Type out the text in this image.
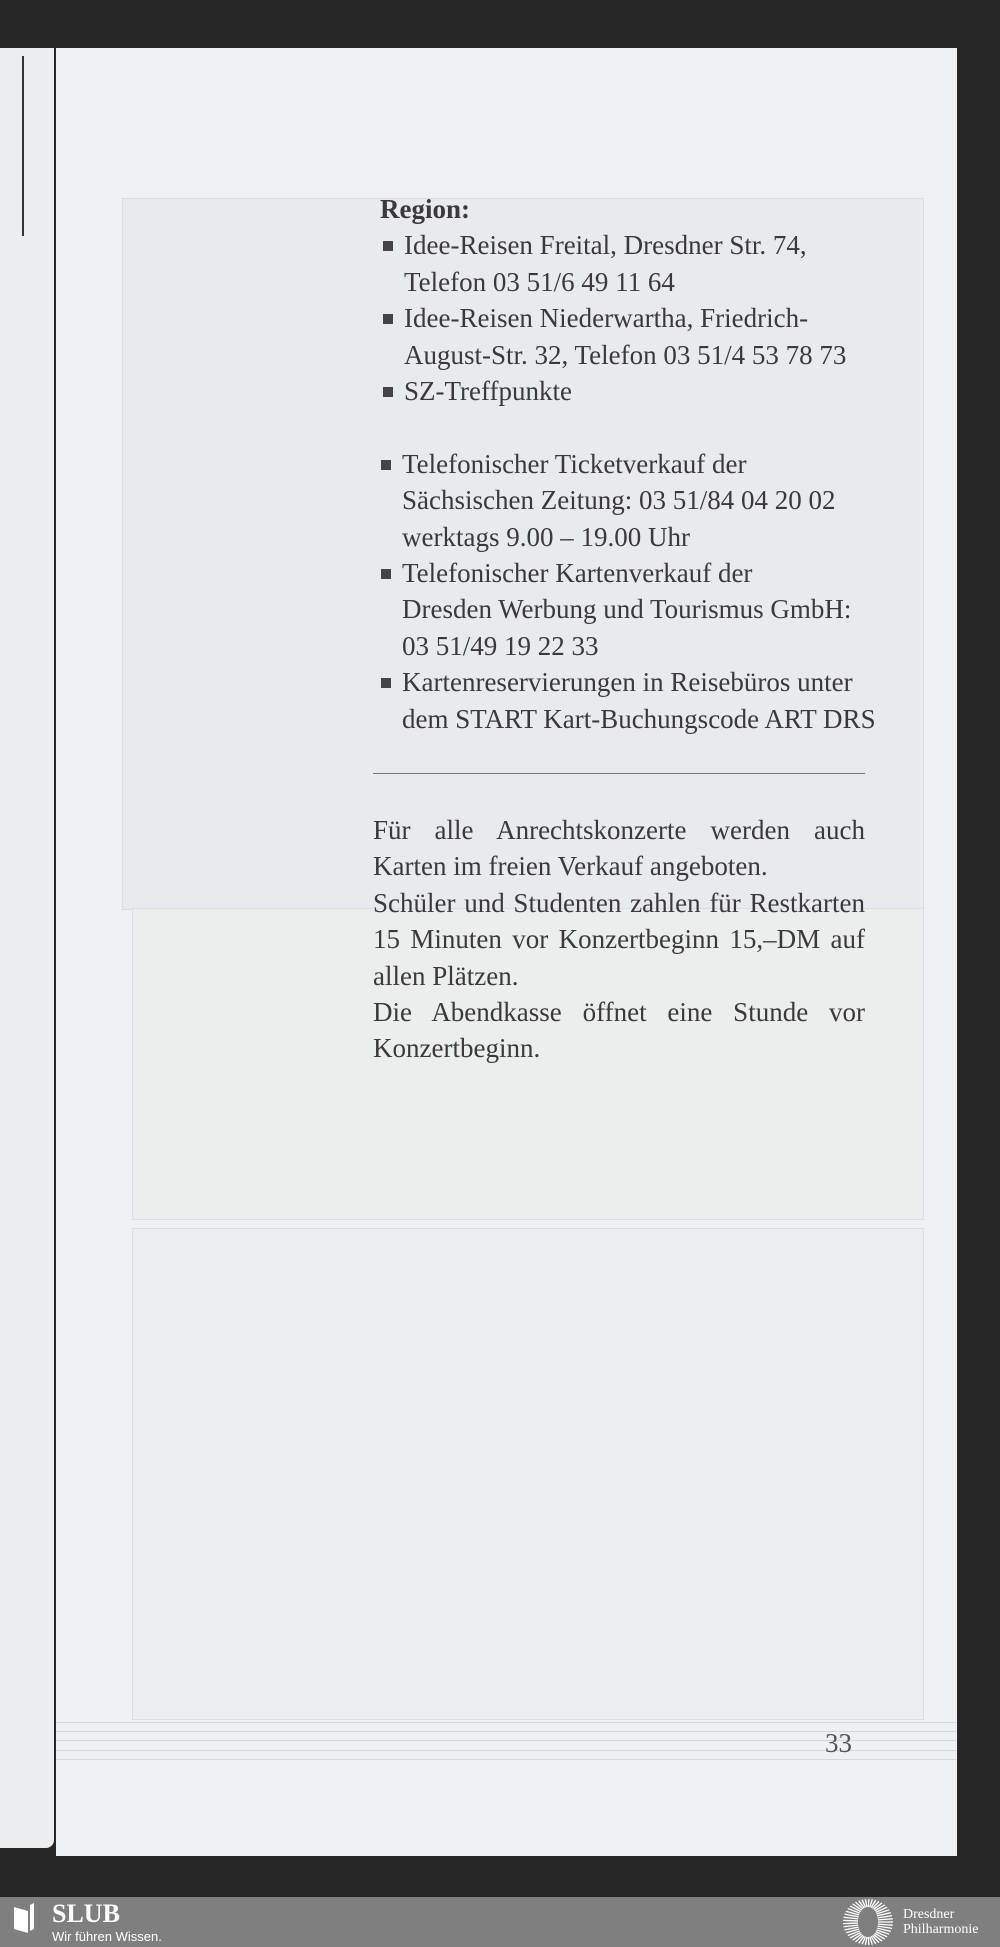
Region:
Idee-Reisen Freital, Dresdner Str. 74,
Telefon 03 51/6 49 11 64
Idee-Reisen Niederwartha, Friedrich-
August-Str. 32, Telefon 03 51/4 53 78 73
SZ-Treffpunkte
Telefonischer Ticketverkauf der
Sächsischen Zeitung: 03 51/84 04 20 02
werktags 9.00 – 19.00 Uhr
Telefonischer Kartenverkauf der
Dresden Werbung und Tourismus GmbH:
03 51/49 19 22 33
Kartenreservierungen in Reisebüros unter
dem START Kart-Buchungscode ART DRS
Für alle Anrechtskonzerte werden auch
Karten im freien Verkauf angeboten.
Schüler und Studenten zahlen für Restkarten
15 Minuten vor Konzertbeginn 15,–DM auf
allen Plätzen.
Die Abendkasse öffnet eine Stunde vor
Konzertbeginn.
33
SLUB
Wir führen Wissen.
Dresdner
Philharmonie
